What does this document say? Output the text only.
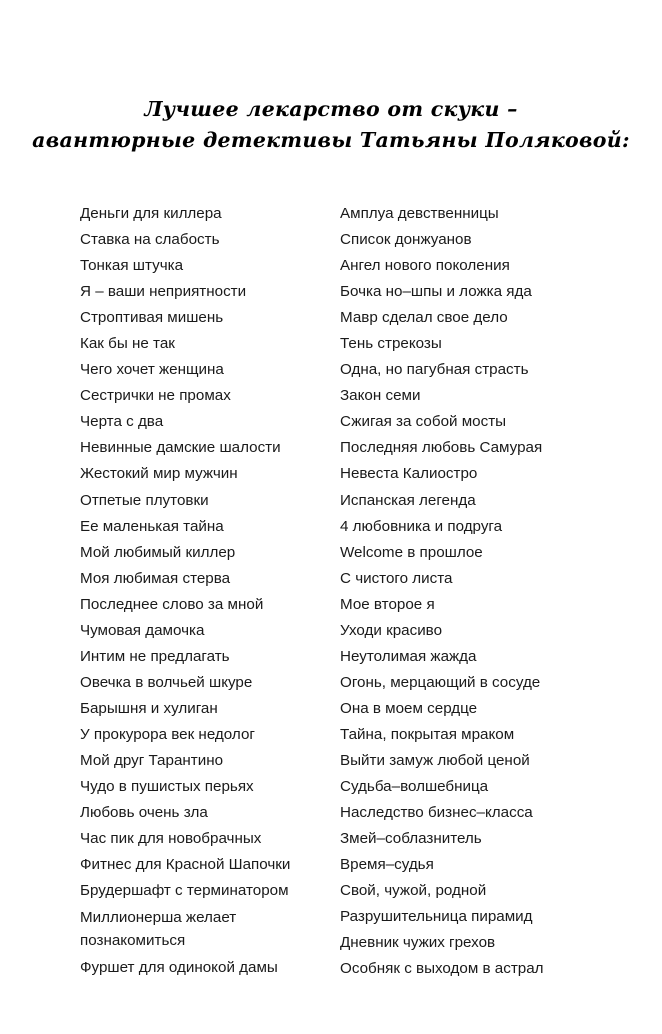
Лучшее лекарство от скуки –
авантюрные детективы Татьяны Поляковой:
Деньги для киллера
Ставка на слабость
Тонкая штучка
Я – ваши неприятности
Строптивая мишень
Как бы не так
Чего хочет женщина
Сестрички не промах
Черта с два
Невинные дамские шалости
Жестокий мир мужчин
Отпетые плутовки
Ее маленькая тайна
Мой любимый киллер
Моя любимая стерва
Последнее слово за мной
Чумовая дамочка
Интим не предлагать
Овечка в волчьей шкуре
Барышня и хулиган
У прокурора век недолог
Мой друг Тарантино
Чудо в пушистых перьях
Любовь очень зла
Час пик для новобрачных
Фитнес для Красной Шапочки
Брудершафт с терминатором
Миллионерша желает познакомиться
Фуршет для одинокой дамы
Амплуа девственницы
Список донжуанов
Ангел нового поколения
Бочка но–шпы и ложка яда
Мавр сделал свое дело
Тень стрекозы
Одна, но пагубная страсть
Закон семи
Сжигая за собой мосты
Последняя любовь Самурая
Невеста Калиостро
Испанская легенда
4 любовника и подруга
Welcome в прошлое
С чистого листа
Мое второе я
Уходи красиво
Неутолимая жажда
Огонь, мерцающий в сосуде
Она в моем сердце
Тайна, покрытая мраком
Выйти замуж любой ценой
Судьба–волшебница
Наследство бизнес–класса
Змей–соблазнитель
Время–судья
Свой, чужой, родной
Разрушительница пирамид
Дневник чужих грехов
Особняк с выходом в астрал
